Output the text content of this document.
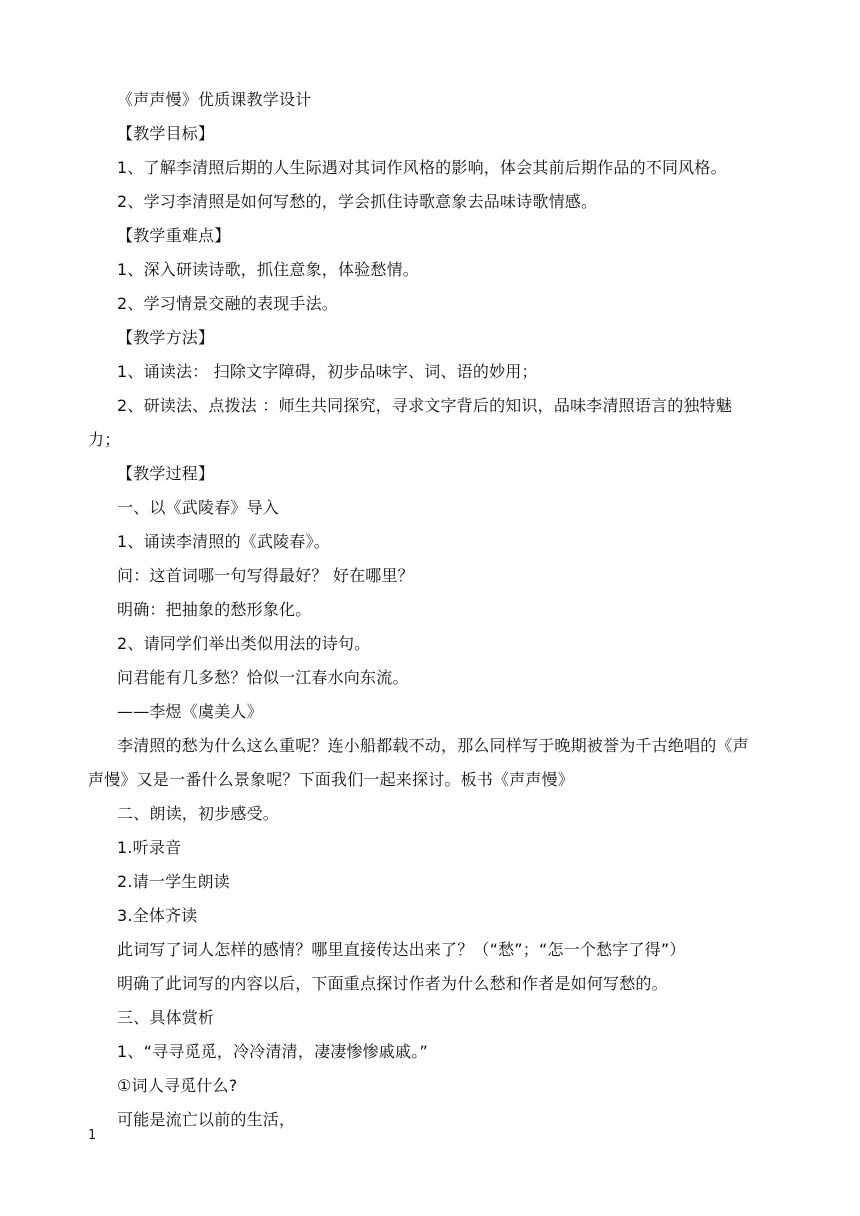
《声声慢》优质课教学设计
【教学目标】
1、了解李清照后期的人生际遇对其词作风格的影响，体会其前后期作品的不同风格。
2、学习李清照是如何写愁的，学会抓住诗歌意象去品味诗歌情感。
【教学重难点】
1、深入研读诗歌，抓住意象，体验愁情。
2、学习情景交融的表现手法。
【教学方法】
1、诵读法： 扫除文字障碍，初步品味字、词、语的妙用；
2、研读法、点拨法 ：师生共同探究，寻求文字背后的知识，品味李清照语言的独特魅
力；
【教学过程】
一、以《武陵春》导入
1、诵读李清照的《武陵春》。
问：这首词哪一句写得最好？ 好在哪里？
明确：把抽象的愁形象化。
2、请同学们举出类似用法的诗句。
问君能有几多愁？恰似一江春水向东流。
——李煜《虞美人》
李清照的愁为什么这么重呢？连小船都载不动，那么同样写于晚期被誉为千古绝唱的《声
声慢》又是一番什么景象呢？下面我们一起来探讨。板书《声声慢》
二、朗读，初步感受。
1.听录音
2.请一学生朗读
3.全体齐读
此词写了词人怎样的感情？哪里直接传达出来了？（“愁”；“怎一个愁字了得”）
明确了此词写的内容以后，下面重点探讨作者为什么愁和作者是如何写愁的。
三、具体赏析
1、“寻寻觅觅，冷冷清清，凄凄惨惨戚戚。”
①词人寻觅什么?
可能是流亡以前的生活，
1
